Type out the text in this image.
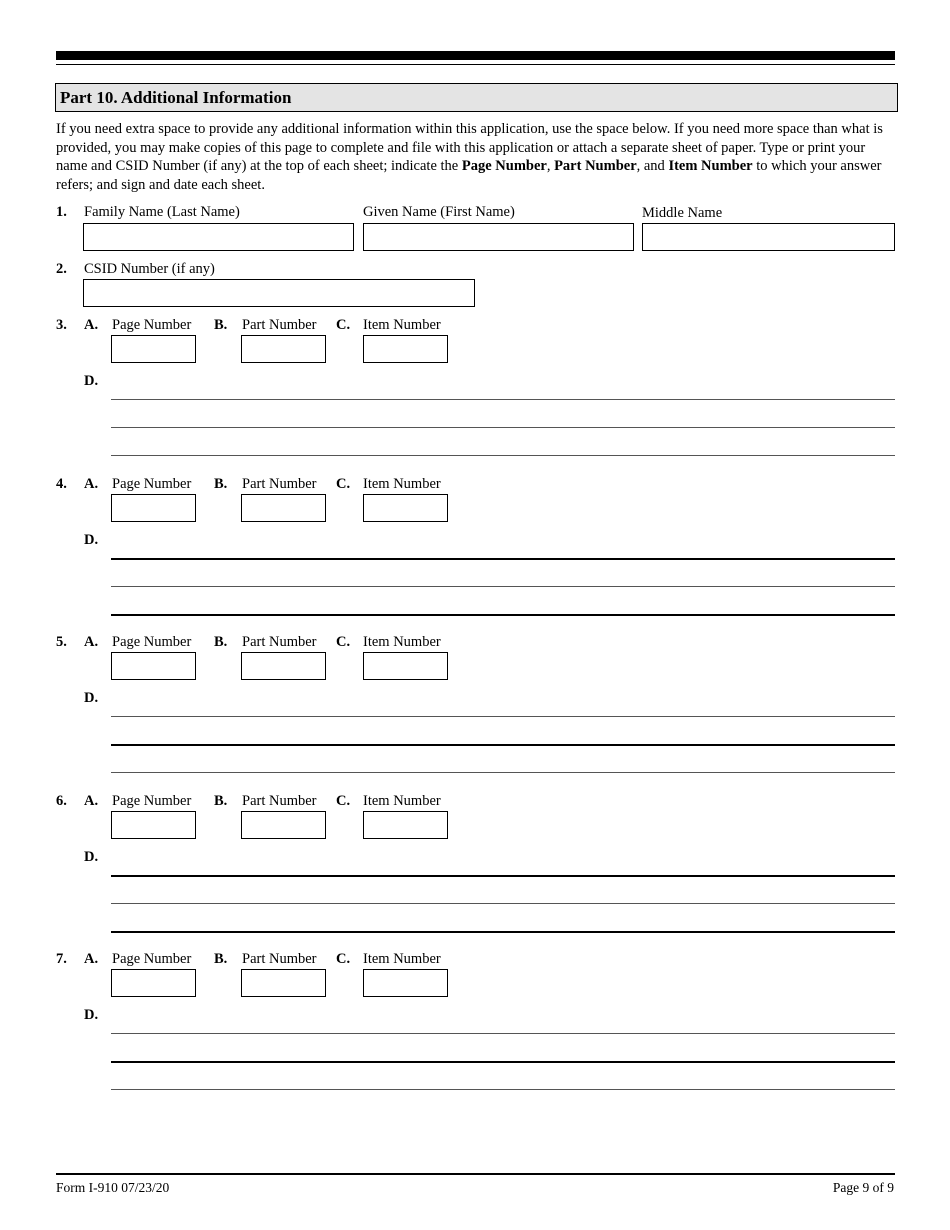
Part 10. Additional Information
If you need extra space to provide any additional information within this application, use the space below. If you need more space than what is provided, you may make copies of this page to complete and file with this application or attach a separate sheet of paper. Type or print your name and CSID Number (if any) at the top of each sheet; indicate the Page Number, Part Number, and Item Number to which your answer refers; and sign and date each sheet.
1. Family Name (Last Name)	Given Name (First Name)	Middle Name
2. CSID Number (if any)
3. A. Page Number B. Part Number C. Item Number
D.
4. A. Page Number B. Part Number C. Item Number
D.
5. A. Page Number B. Part Number C. Item Number
D.
6. A. Page Number B. Part Number C. Item Number
D.
7. A. Page Number B. Part Number C. Item Number
D.
Form I-910 07/23/20	Page 9 of 9
